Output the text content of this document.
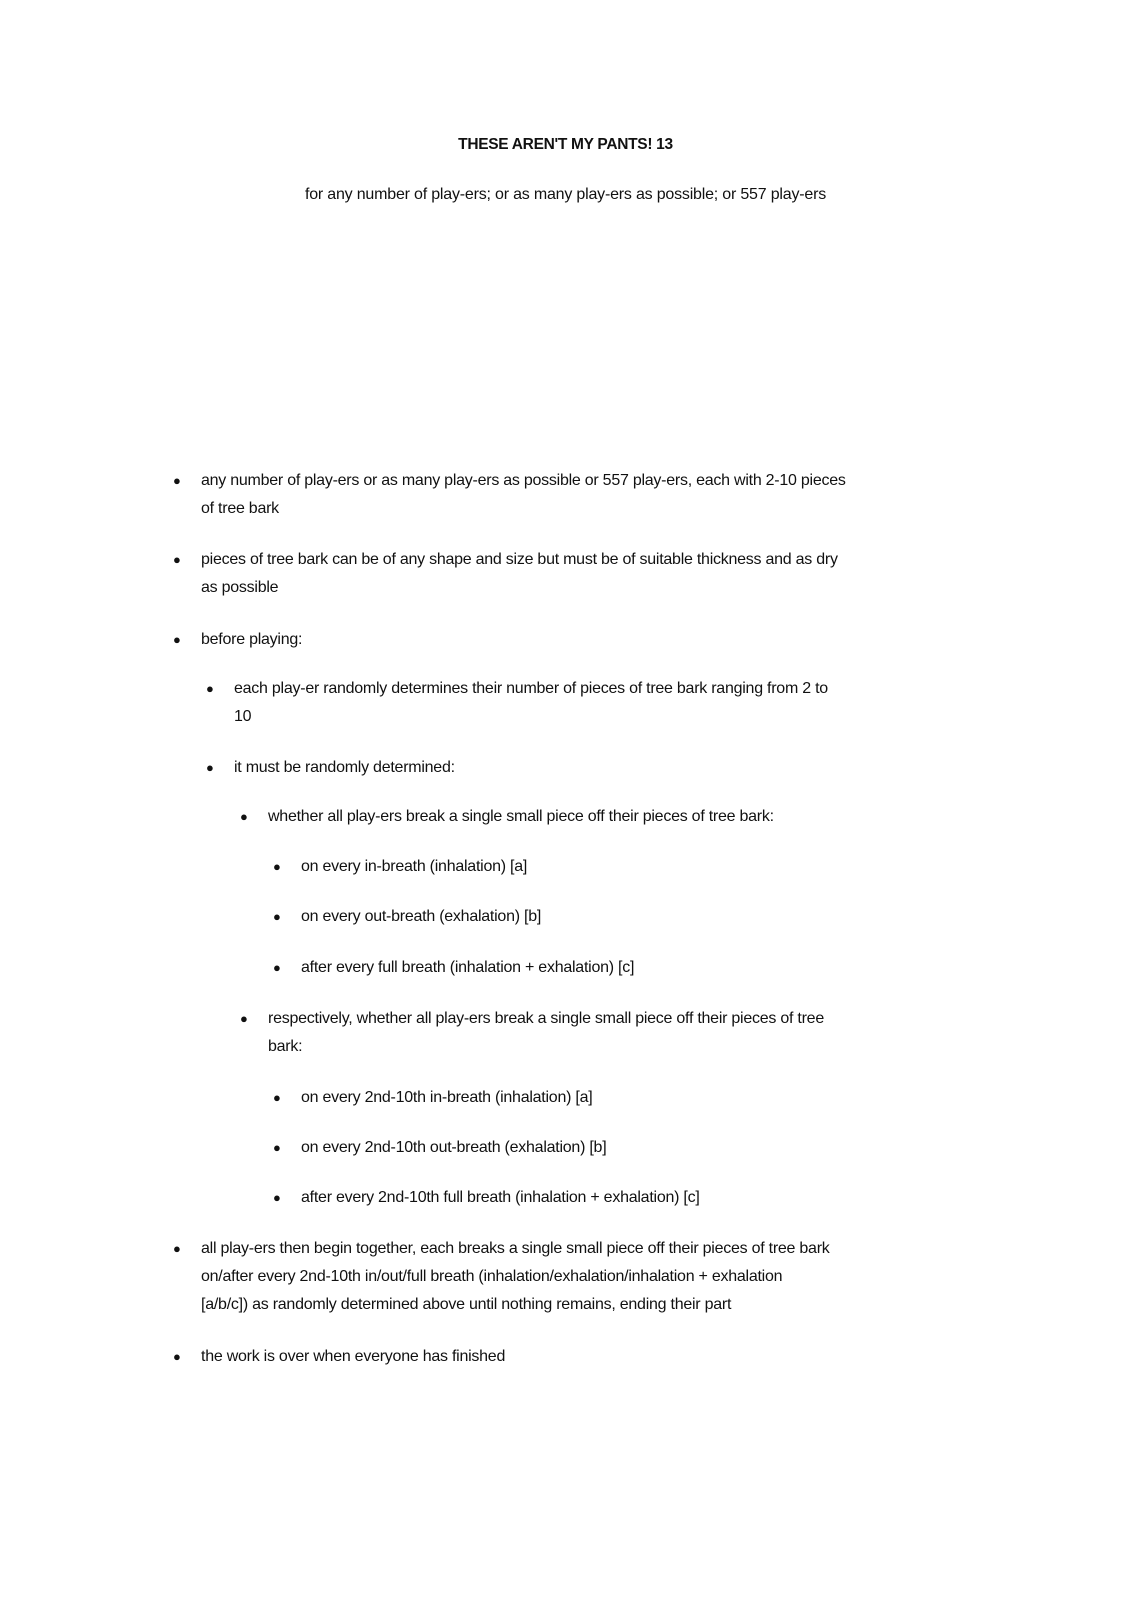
THESE AREN'T MY PANTS! 13
for any number of play-ers; or as many play-ers as possible; or 557 play-ers
● any number of play-ers or as many play-ers as possible or 557 play-ers, each with 2-10 pieces
of tree bark
● pieces of tree bark can be of any shape and size but must be of suitable thickness and as dry
as possible
● before playing:
● each play-er randomly determines their number of pieces of tree bark ranging from 2 to
10
● it must be randomly determined:
● whether all play-ers break a single small piece off their pieces of tree bark:
● on every in-breath (inhalation) [a]
● on every out-breath (exhalation) [b]
● after every full breath (inhalation + exhalation) [c]
● respectively, whether all play-ers break a single small piece off their pieces of tree
bark:
● on every 2nd-10th in-breath (inhalation) [a]
● on every 2nd-10th out-breath (exhalation) [b]
● after every 2nd-10th full breath (inhalation + exhalation) [c]
● all play-ers then begin together, each breaks a single small piece off their pieces of tree bark
on/after every 2nd-10th in/out/full breath (inhalation/exhalation/inhalation + exhalation
[a/b/c]) as randomly determined above until nothing remains, ending their part
● the work is over when everyone has finished
